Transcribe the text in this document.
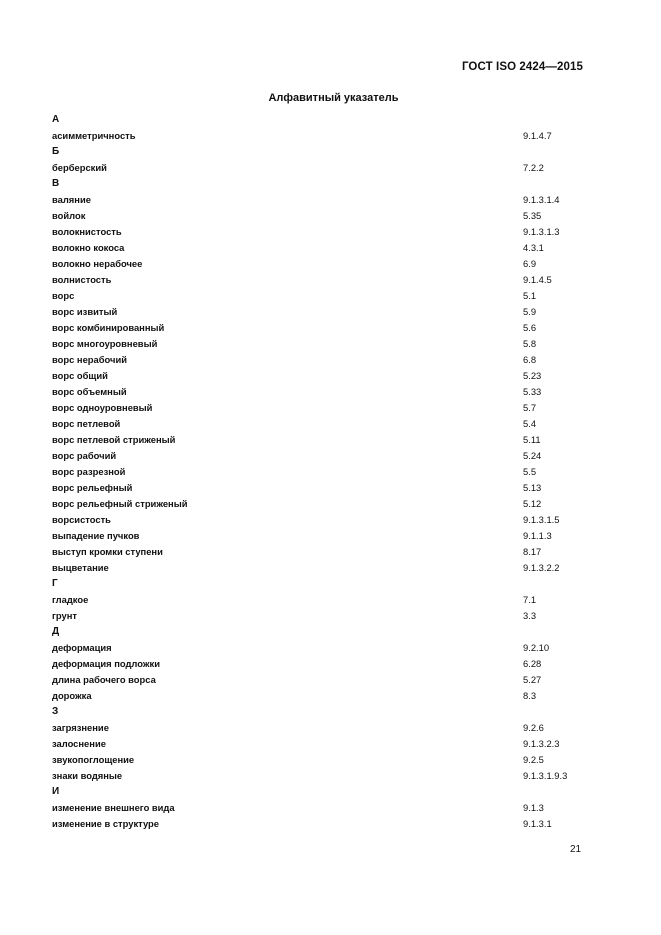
ГОСТ ISO 2424—2015
Алфавитный указатель
А
асимметричность	9.1.4.7
Б
берберский	7.2.2
В
валяние	9.1.3.1.4
войлок	5.35
волокнистость	9.1.3.1.3
волокно кокоса	4.3.1
волокно нерабочее	6.9
волнистость	9.1.4.5
ворс	5.1
ворс извитый	5.9
ворс комбинированный	5.6
ворс многоуровневый	5.8
ворс нерабочий	6.8
ворс общий	5.23
ворс объемный	5.33
ворс одноуровневый	5.7
ворс петлевой	5.4
ворс петлевой стриженый	5.11
ворс рабочий	5.24
ворс разрезной	5.5
ворс рельефный	5.13
ворс рельефный стриженый	5.12
ворсистость	9.1.3.1.5
выпадение пучков	9.1.1.3
выступ кромки ступени	8.17
выцветание	9.1.3.2.2
Г
гладкое	7.1
грунт	3.3
Д
деформация	9.2.10
деформация подложки	6.28
длина рабочего ворса	5.27
дорожка	8.3
З
загрязнение	9.2.6
залоснение	9.1.3.2.3
звукопоглощение	9.2.5
знаки водяные	9.1.3.1.9.3
И
изменение внешнего вида	9.1.3
изменение в структуре	9.1.3.1
21
